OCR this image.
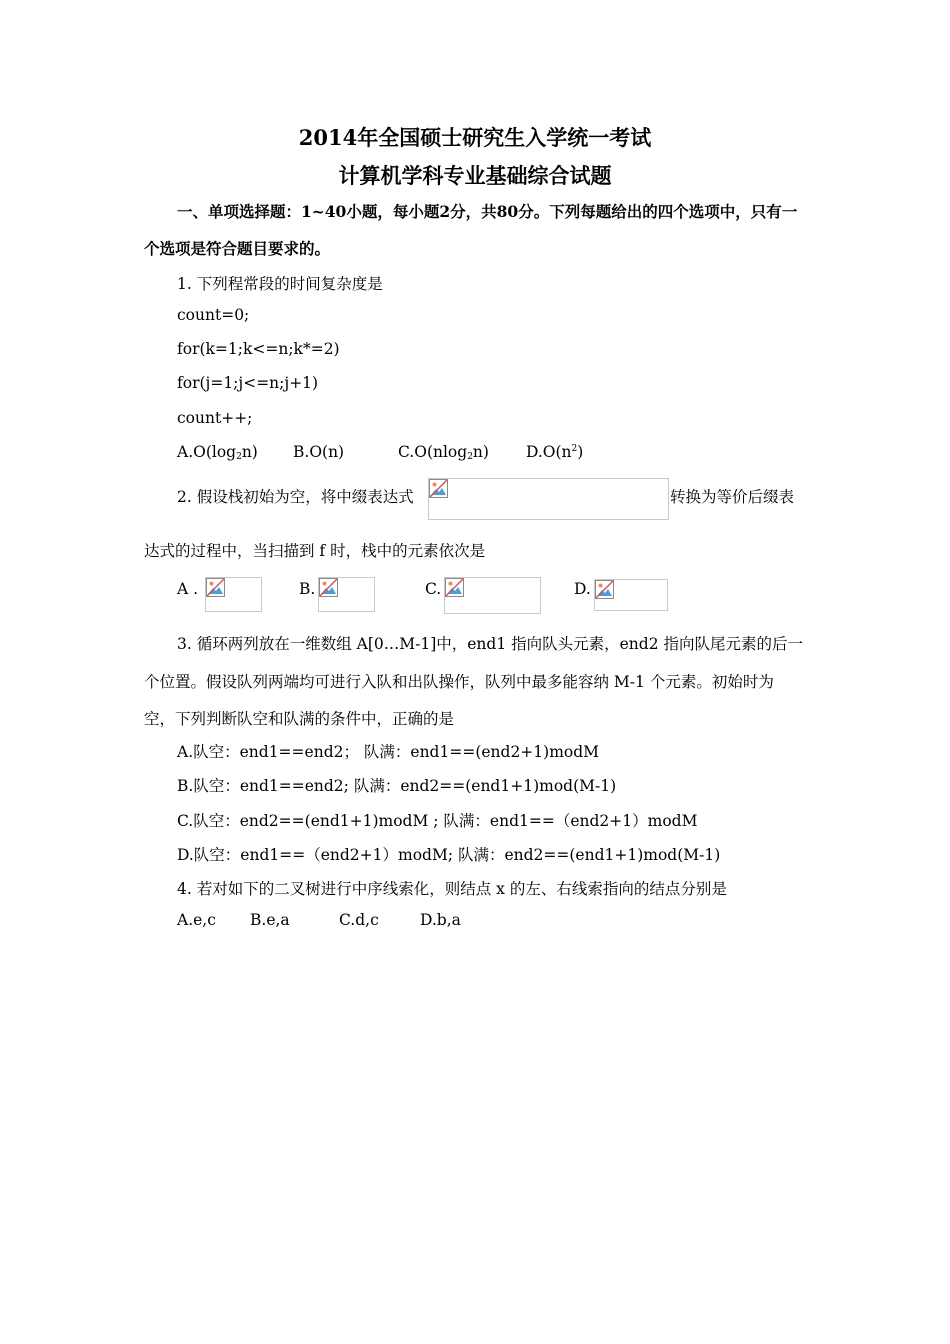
2014年全国硕士研究生入学统一考试
计算机学科专业基础综合试题
一、单项选择题：1~40小题，每小题2分，共80分。下列每题给出的四个选项中，只有一
个选项是符合题目要求的。
1. 下列程常段的时间复杂度是
count=0;
for(k=1;k<=n;k*=2)
for(j=1;j<=n;j+1)
count++;
$A.O(\log_2n)$ B.O(n)	C.O(nlog$_2$n) $D.O(n^2)$
2. 假设栈初始为空，将中缀表达式	转换为等价后缀表
达式的过程中，当扫描到 f 时，栈中的元素依次是
A .	B.	C.	D.
3. 循环两列放在一维数组 A[0…M-1]中，end1 指向队头元素，end2 指向队尾元素的后一
个位置。假设队列两端均可进行入队和出队操作，队列中最多能容纳 M-1 个元素。初始时为
空，下列判断队空和队满的条件中，正确的是
A.队空：end1==end2； 队满：end1==(end2+1)modM
B.队空：end1==end2; 队满：end2==(end1+1)mod(M-1)
C.队空：end2==(end1+1)modM ; 队满：end1==（end2+1）modM
D.队空：end1==（end2+1）modM; 队满：end2==(end1+1)mod(M-1)
4. 若对如下的二叉树进行中序线索化，则结点 x 的左、右线索指向的结点分别是
A.e,c B.e,a	C.d,c	D.b,a
